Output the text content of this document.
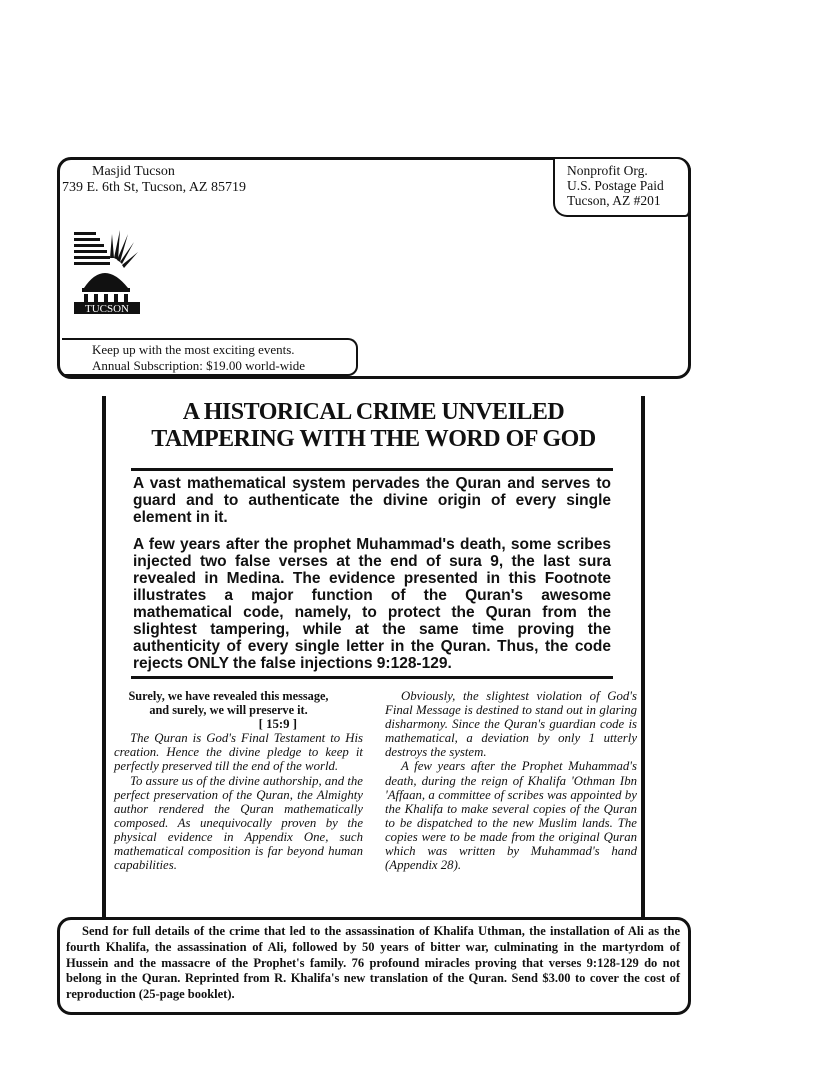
Masjid Tucson
739 E. 6th St, Tucson, AZ 85719
Nonprofit Org.
U.S. Postage Paid
Tucson, AZ #201
TUCSON
Keep up with the most exciting events.
Annual Subscription: $19.00 world-wide
A HISTORICAL CRIME UNVEILED
TAMPERING WITH THE WORD OF GOD

A vast mathematical system pervades the Quran and serves to guard and to authenticate the divine origin of every single element in it.

A few years after the prophet Muhammad's death, some scribes injected two false verses at the end of sura 9, the last sura revealed in Medina. The evidence presented in this Footnote illustrates a major function of the Quran's awesome mathematical code, namely, to protect the Quran from the slightest tampering, while at the same time proving the authenticity of every single letter in the Quran. Thus, the code rejects ONLY the false injections 9:128-129.

Surely, we have revealed this message,
and surely, we will preserve it.
[ 15:9 ]

The Quran is God's Final Testament to His creation. Hence the divine pledge to keep it perfectly preserved till the end of the world.

To assure us of the divine authorship, and the perfect preservation of the Quran, the Almighty author rendered the Quran mathematically composed. As unequivocally proven by the physical evidence in Appendix One, such mathematical composition is far beyond human capabilities.

Obviously, the slightest violation of God's Final Message is destined to stand out in glaring disharmony. Since the Quran's guardian code is mathematical, a deviation by only 1 utterly destroys the system.

A few years after the Prophet Muhammad's death, during the reign of Khalifa 'Othman Ibn 'Affaan, a committee of scribes was appointed by the Khalifa to make several copies of the Quran to be dispatched to the new Muslim lands. The copies were to be made from the original Quran which was written by Muhammad's hand (Appendix 28).

Send for full details of the crime that led to the assassination of Khalifa Uthman, the installation of Ali as the fourth Khalifa, the assassination of Ali, followed by 50 years of bitter war, culminating in the martyrdom of Hussein and the massacre of the Prophet's family. 76 profound miracles proving that verses 9:128-129 do not belong in the Quran. Reprinted from R. Khalifa's new translation of the Quran. Send $3.00 to cover the cost of reproduction (25-page booklet).
